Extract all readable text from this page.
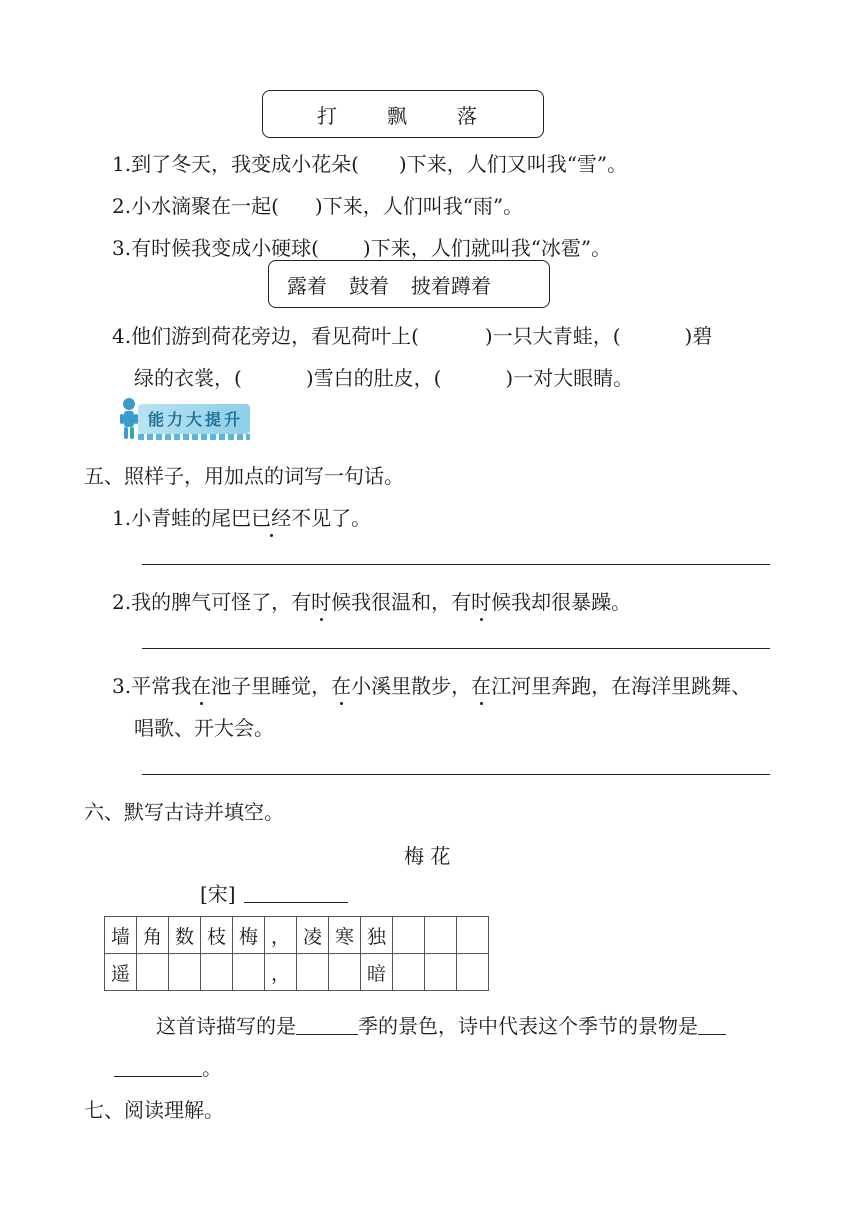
打	飘	落
1.到了冬天，我变成小花朵( )下来，人们又叫我“雪”。
2.小水滴聚在一起( )下来，人们叫我“雨”。
3.有时候我变成小硬球( )下来，人们就叫我“冰雹”。
露着 鼓着 披着蹲着
4.他们游到荷花旁边，看见荷叶上(	)一只大青蛙，(	)碧
绿的衣裳，(	)雪白的肚皮，(	)一对大眼睛。
能力大提升
五、照样子，用加点的词写一句话。
1.小青蛙的尾巴已经不见了。
2.我的脾气可怪了，有时候我很温和，有时候我却很暴躁。
3.平常我在池子里睡觉，在小溪里散步，在江河里奔跑，在海洋里跳舞、
唱歌、开大会。
六、默写古诗并填空。
梅 花
[宋]
墙	角	数	枝	梅	，	凌	寒	独			
遥					，			暗			
这首诗描写的是	季的景色，诗中代表这个季节的景物是
。
七、阅读理解。
